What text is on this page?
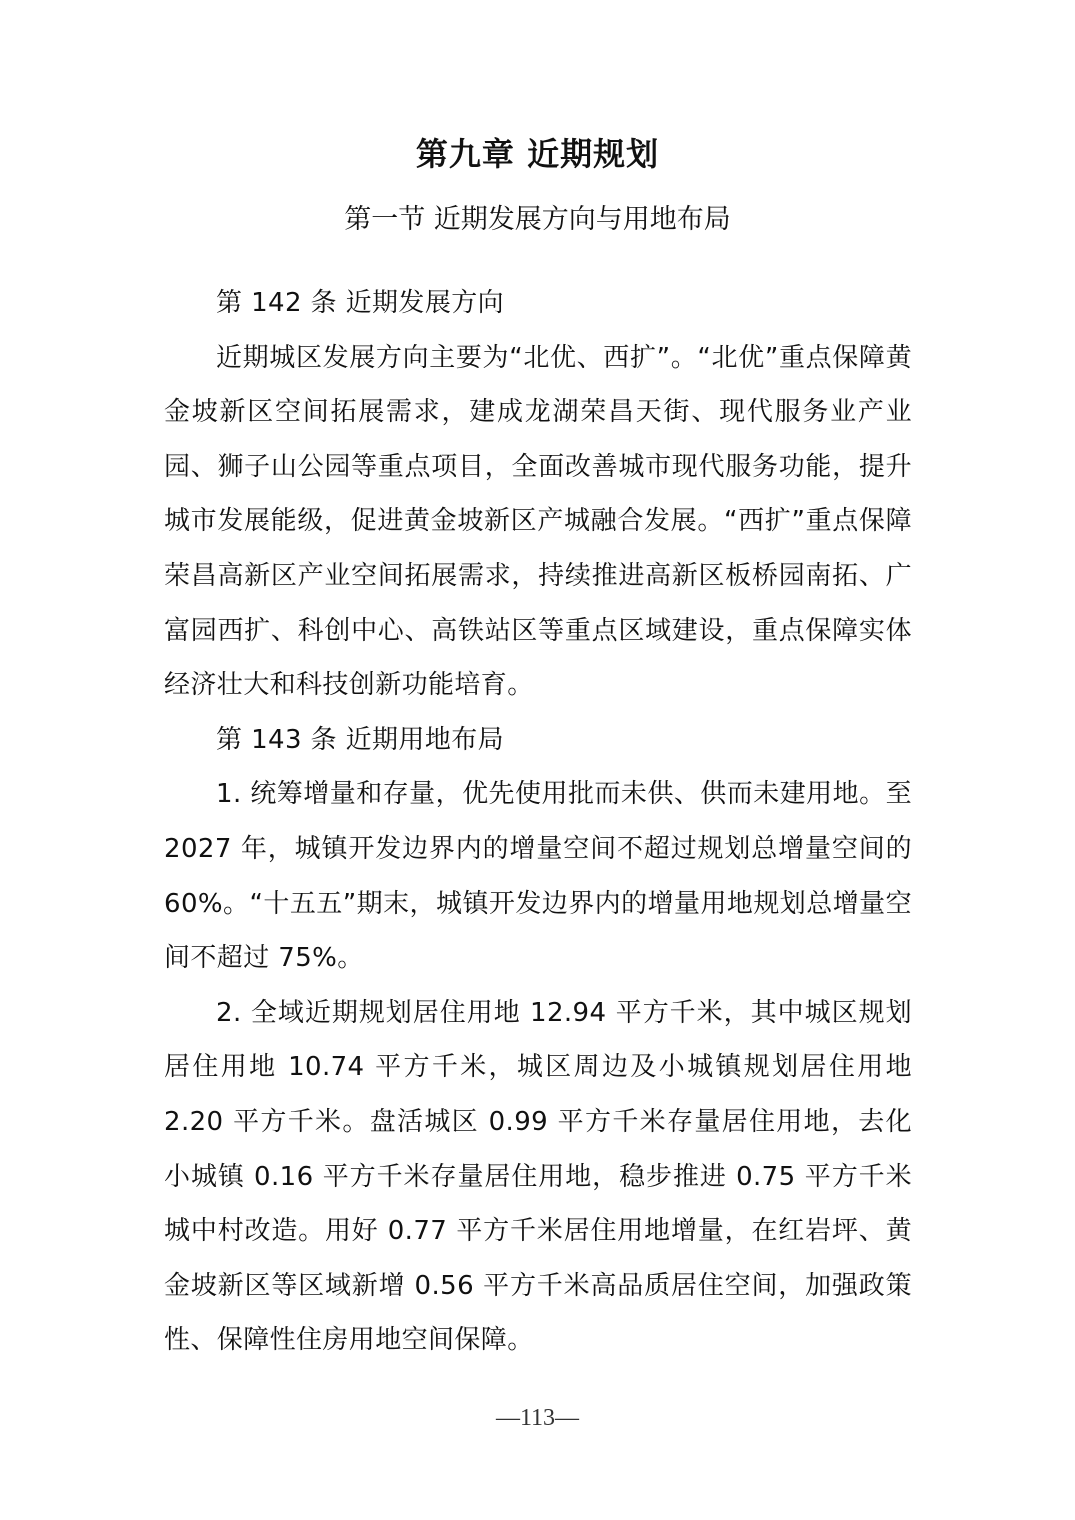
第九章 近期规划
第一节 近期发展方向与用地布局

第 142 条 近期发展方向

近期城区发展方向主要为“北优、西扩”。“北优”重点保障黄金坡新区空间拓展需求，建成龙湖荣昌天街、现代服务业产业园、狮子山公园等重点项目，全面改善城市现代服务功能，提升城市发展能级，促进黄金坡新区产城融合发展。“西扩”重点保障荣昌高新区产业空间拓展需求，持续推进高新区板桥园南拓、广富园西扩、科创中心、高铁站区等重点区域建设，重点保障实体经济壮大和科技创新功能培育。

第 143 条 近期用地布局

1. 统筹增量和存量，优先使用批而未供、供而未建用地。至 2027 年，城镇开发边界内的增量空间不超过规划总增量空间的 60%。“十五五”期末，城镇开发边界内的增量用地规划总增量空间不超过 75%。

2. 全域近期规划居住用地 12.94 平方千米，其中城区规划居住用地 10.74 平方千米，城区周边及小城镇规划居住用地 2.20 平方千米。盘活城区 0.99 平方千米存量居住用地，去化小城镇 0.16 平方千米存量居住用地，稳步推进 0.75 平方千米城中村改造。用好 0.77 平方千米居住用地增量，在红岩坪、黄金坡新区等区域新增 0.56 平方千米高品质居住空间，加强政策性、保障性住房用地空间保障。

—113—
